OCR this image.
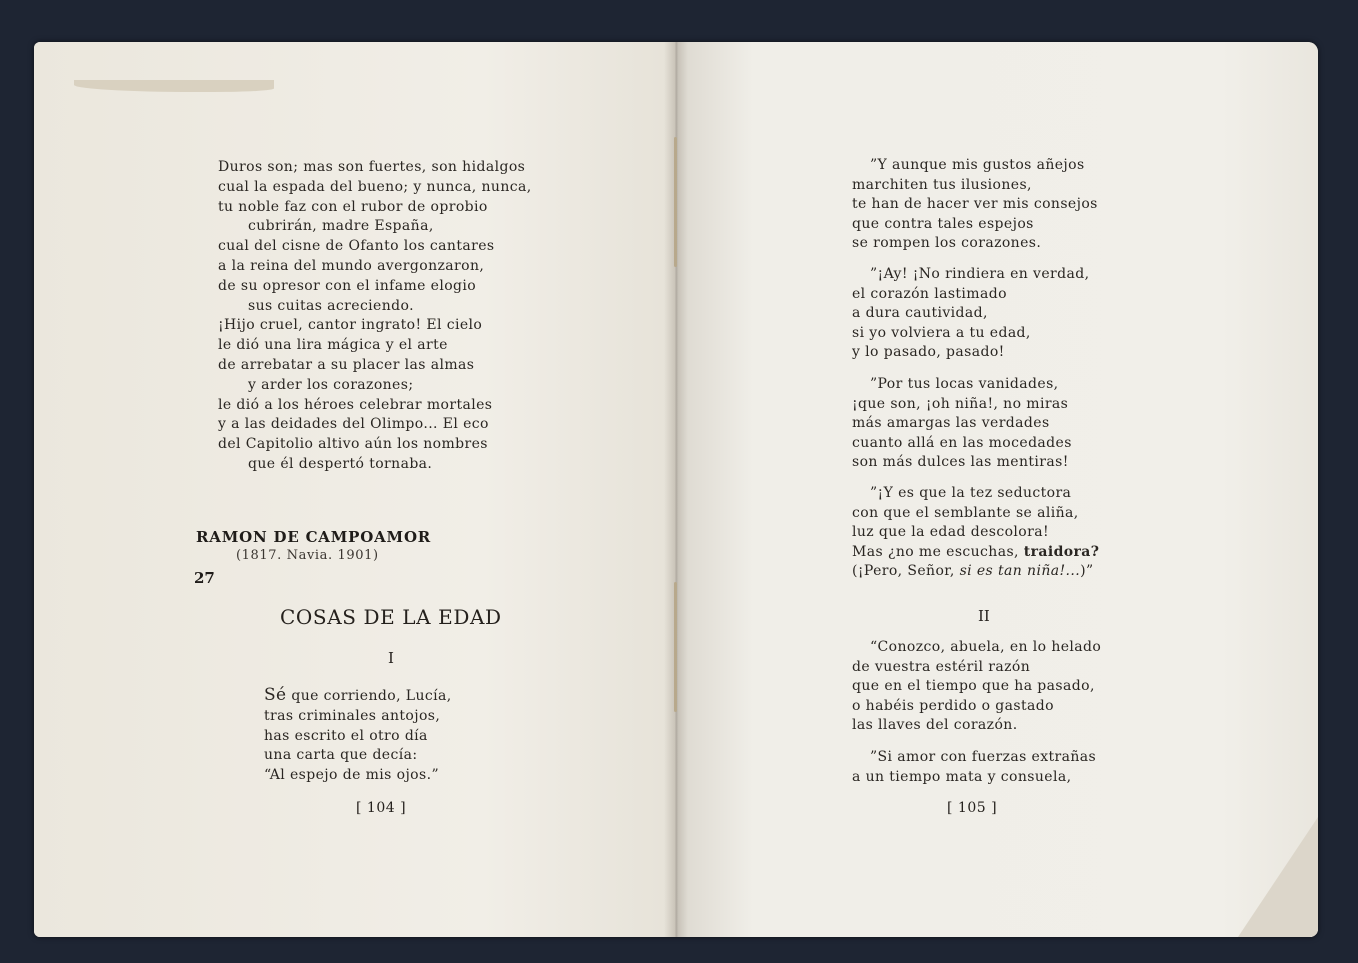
Duros son; mas son fuertes, son hidalgos
cual la espada del bueno; y nunca, nunca,
tu noble faz con el rubor de oprobio
cubrirán, madre España,
cual del cisne de Ofanto los cantares
a la reina del mundo avergonzaron,
de su opresor con el infame elogio
sus cuitas acreciendo.
¡Hijo cruel, cantor ingrato! El cielo
le dió una lira mágica y el arte
de arrebatar a su placer las almas
y arder los corazones;
le dió a los héroes celebrar mortales
y a las deidades del Olimpo... El eco
del Capitolio altivo aún los nombres
que él despertó tornaba.
RAMON DE CAMPOAMOR
(1817. Navia. 1901)
27
COSAS DE LA EDAD
I
Sé que corriendo, Lucía,
tras criminales antojos,
has escrito el otro día
una carta que decía:
“Al espejo de mis ojos.”
[ 104 ]
”Y aunque mis gustos añejos
marchiten tus ilusiones,
te han de hacer ver mis consejos
que contra tales espejos
se rompen los corazones.
”¡Ay! ¡No rindiera en verdad,
el corazón lastimado
a dura cautividad,
si yo volviera a tu edad,
y lo pasado, pasado!
”Por tus locas vanidades,
¡que son, ¡oh niña!, no miras
más amargas las verdades
cuanto allá en las mocedades
son más dulces las mentiras!
”¡Y es que la tez seductora
con que el semblante se aliña,
luz que la edad descolora!
Mas ¿no me escuchas, traidora?
(¡Pero, Señor, si es tan niña!...)”
II
“Conozco, abuela, en lo helado
de vuestra estéril razón
que en el tiempo que ha pasado,
o habéis perdido o gastado
las llaves del corazón.
”Si amor con fuerzas extrañas
a un tiempo mata y consuela,
[ 105 ]
